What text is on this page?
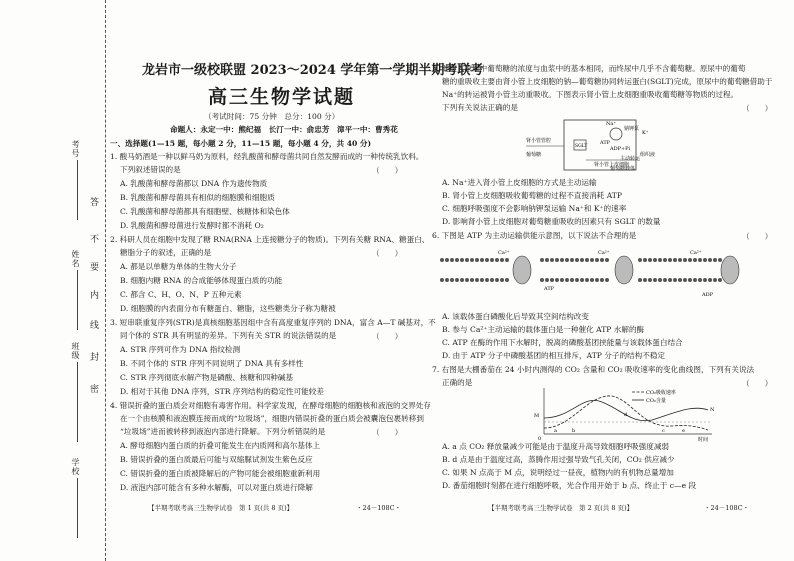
考号
姓名
班级
学校
答
不
要
内
线
封
密
龙岩市一级校联盟 2023～2024 学年第一学期半期考联考
高三生物学试题
（考试时间：75 分钟　总分：100 分）
命题人：永定一中：熊纪福　长汀一中：俞忠芳　漳平一中：曹秀花
一、选择题(1—15 题，每小题 2 分，11—15 题，每小题 4 分，共 40 分)
1. 酸马奶酒是一种以鲜马奶为原料，经乳酸菌和酵母菌共同自然发酵而成的一种传统乳饮料。
下列叙述错误的是	（　　）
A. 乳酸菌和酵母菌都以 DNA 作为遗传物质
B. 乳酸菌和酵母菌具有相似的细胞膜和细胞质
C. 乳酸菌和酵母菌都具有细胞壁、核糖体和染色体
D. 乳酸菌和酵母菌进行发酵时都不消耗 O₂
2. 科研人员在细胞中发现了糖 RNA(RNA 上连接糖分子的物质)。下列有关糖 RNA、糖蛋白、
糖脂分子的叙述，正确的是	（　　）
A. 都是以单糖为单体的生物大分子
B. 细胞内糖 RNA 的合成能够体现蛋白质的功能
C. 都含 C、H、O、N、P 五种元素
D. 细胞膜的内表面分布有糖蛋白、糖脂，这些糖类分子称为糖被
3. 短串联重复序列(STR)是真核细胞基因组中含有高度重复序列的 DNA，富含 A—T 碱基对，不
同个体的 STR 具有明显的差异。下列有关 STR 的说法错误的是	（　　）
A. STR 序列可作为 DNA 指纹检测
B. 不同个体的 STR 序列不同说明了 DNA 具有多样性
C. STR 序列彻底水解产物是磷酸、核糖和四种碱基
D. 相对于其他 DNA 序列，STR 序列结构的稳定性可能较差
4. 错误折叠的蛋白质会对细胞有毒害作用。科学家发现，在酵母细胞的细胞核和液泡的交界处存
在一个由核膜和液泡膜连接而成的“垃圾场”，细胞内错误折叠的蛋白质会被囊泡包裹转移到
“垃圾场”进而被转移到液泡内部进行降解。下列分析错误的是	（　　）
A. 酵母细胞内蛋白质的折叠可能发生在内质网和高尔基体上
B. 错误折叠的蛋白质最后可能与双缩脲试剂发生紫色反应
C. 错误折叠的蛋白质被降解后的产物可能会被细胞重新利用
D. 液泡内部可能含有多种水解酶，可以对蛋白质进行降解
【半期考联考高三生物学试卷　第 1 页(共 8 页)】	・24－108C・
5. 健康人原尿中葡萄糖的浓度与血浆中的基本相同，而终尿中几乎不含葡萄糖。原尿中的葡萄
糖的重吸收主要由肾小管上皮细胞的钠—葡萄糖协同转运蛋白(SGLT)完成，原尿中的葡萄糖借助于
Na⁺的转运被肾小管主动重吸收。下图表示肾小管上皮细胞重吸收葡萄糖等物质的过程。
下列有关说法正确的是	（　　）
Na⁺
钠钾泵
K⁺
ATP
ADP+Pi
肾小管管腔
肾小管上皮细胞
组织液
SGLT
葡萄糖
主动转运
葡萄糖载体
A. Na⁺进入肾小管上皮细胞的方式是主动运输
B. 肾小管上皮细胞吸收葡萄糖的过程不直接消耗 ATP
C. 细胞呼吸强度不会影响钠钾泵运输 Na⁺和 K⁺的速率
D. 影响肾小管上皮细胞对葡萄糖重吸收的因素只有 SGLT 的数量
6. 下图是 ATP 为主动运输供能示意图，以下说法不合理的是	（　　）
Ca²⁺	Ca²⁺	Ca²⁺
ATP
ADP
A. 该载体蛋白磷酸化后导致其空间结构改变
B. 参与 Ca²⁺主动运输的载体蛋白是一种催化 ATP 水解的酶
C. ATP 在酶的作用下水解时，脱离的磷酸基团挟能量与该载体蛋白结合
D. 由于 ATP 分子中磷酸基团的相互排斥，ATP 分子的结构不稳定
7. 右图是大棚番茄在 24 小时内测得的 CO₂ 含量和 CO₂ 吸收速率的变化曲线图，下列有关说法
正确的是	（　　）
CO₂吸收速率
CO₂含量
a	b	c
d
e
M
N
0	时间
A. a 点 CO₂ 释放量减少可能是由于温度升高导致细胞呼吸强度减弱
B. d 点是由于温度过高，蒸腾作用过强导致气孔关闭，CO₂ 供应减少
C. 如果 N 点高于 M 点，说明经过一昼夜，植物内的有机物总量增加
D. 番茄细胞时刻都在进行细胞呼吸，光合作用开始于 b 点、终止于 c—e 段
【半期考联考高三生物学试卷　第 2 页(共 8 页)】	・24－108C・
